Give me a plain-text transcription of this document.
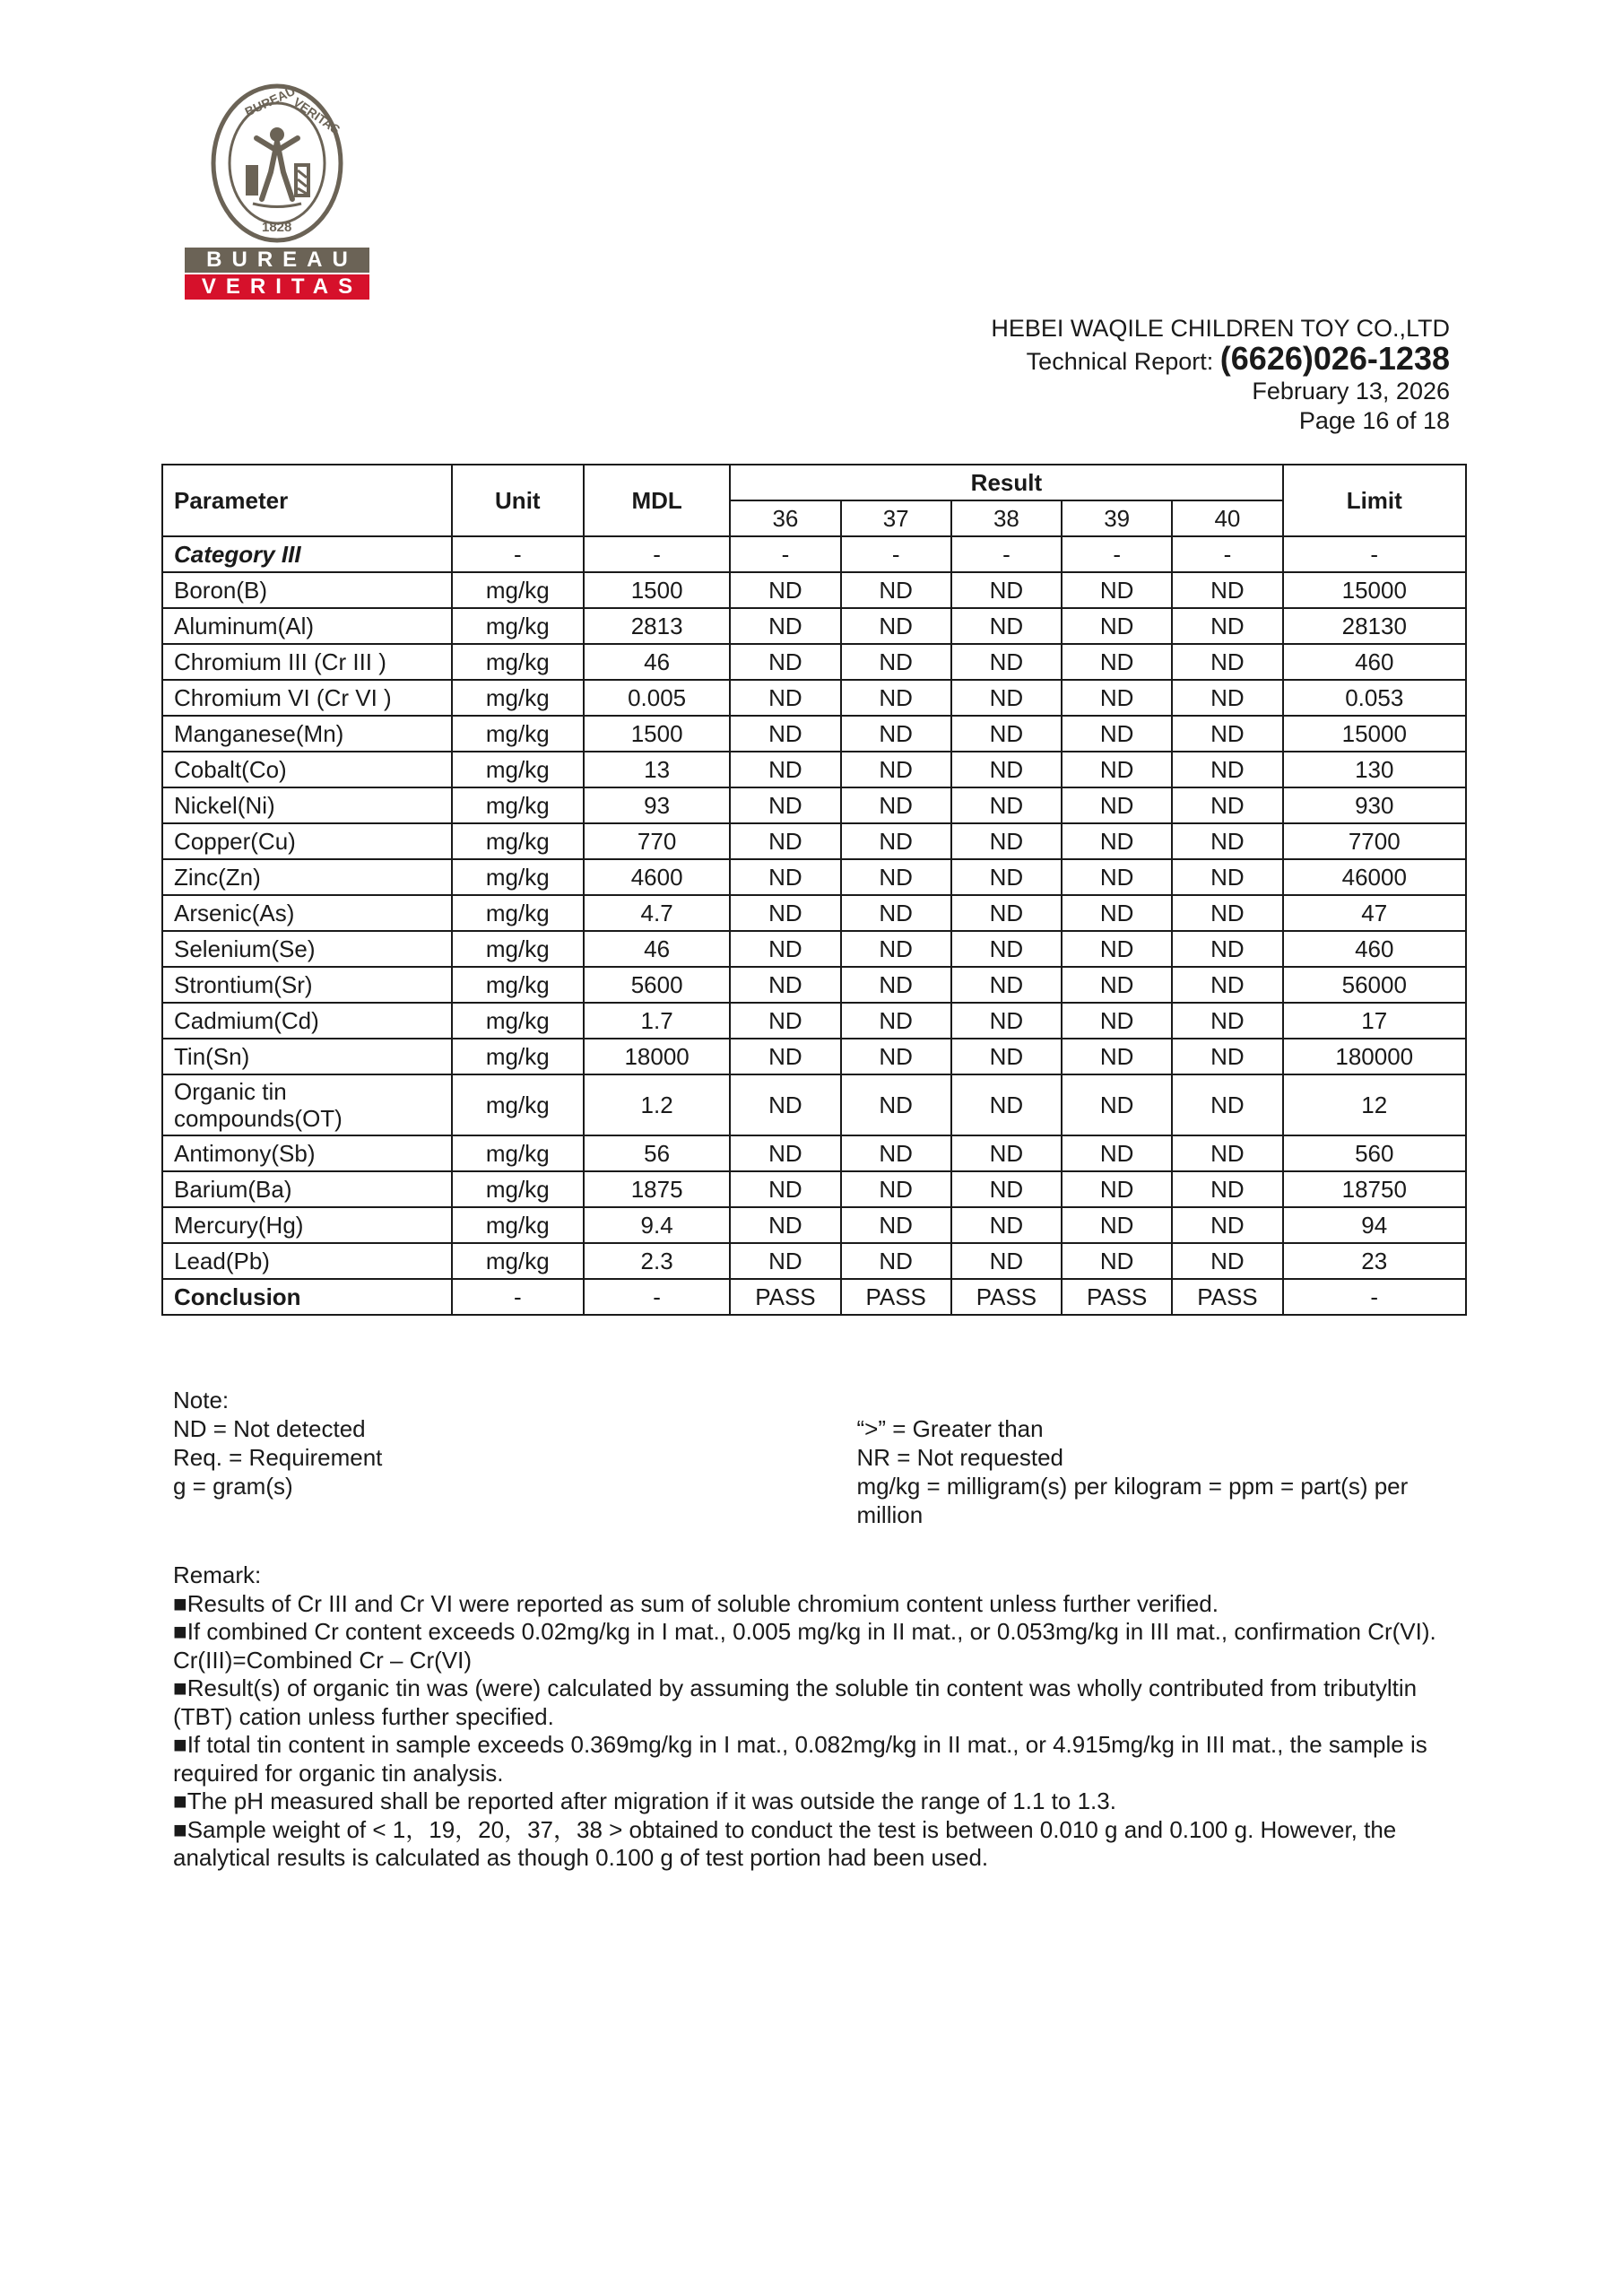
BUREAU
VERITAS
1828
BUREAU
VERITAS
HEBEI WAQILE CHILDREN TOY CO.,LTD
Technical Report: (6626)026-1238
February 13, 2026
Page 16 of 18
Parameter	Unit	MDL	Result					Limit
			36	37	38	39	40	
Category III	-	-	-	-	-	-	-	-
Boron(B)	mg/kg	1500	ND	ND	ND	ND	ND	15000
Aluminum(Al)	mg/kg	2813	ND	ND	ND	ND	ND	28130
Chromium III (Cr III )	mg/kg	46	ND	ND	ND	ND	ND	460
Chromium VI (Cr VI )	mg/kg	0.005	ND	ND	ND	ND	ND	0.053
Manganese(Mn)	mg/kg	1500	ND	ND	ND	ND	ND	15000
Cobalt(Co)	mg/kg	13	ND	ND	ND	ND	ND	130
Nickel(Ni)	mg/kg	93	ND	ND	ND	ND	ND	930
Copper(Cu)	mg/kg	770	ND	ND	ND	ND	ND	7700
Zinc(Zn)	mg/kg	4600	ND	ND	ND	ND	ND	46000
Arsenic(As)	mg/kg	4.7	ND	ND	ND	ND	ND	47
Selenium(Se)	mg/kg	46	ND	ND	ND	ND	ND	460
Strontium(Sr)	mg/kg	5600	ND	ND	ND	ND	ND	56000
Cadmium(Cd)	mg/kg	1.7	ND	ND	ND	ND	ND	17
Tin(Sn)	mg/kg	18000	ND	ND	ND	ND	ND	180000
Organic tin compounds(OT)	mg/kg	1.2	ND	ND	ND	ND	ND	12
Antimony(Sb)	mg/kg	56	ND	ND	ND	ND	ND	560
Barium(Ba)	mg/kg	1875	ND	ND	ND	ND	ND	18750
Mercury(Hg)	mg/kg	9.4	ND	ND	ND	ND	ND	94
Lead(Pb)	mg/kg	2.3	ND	ND	ND	ND	ND	23
Conclusion	-	-	PASS	PASS	PASS	PASS	PASS	-
Note:
ND = Not detected
Req. = Requirement
g = gram(s)
“>” = Greater than
NR = Not requested
mg/kg = milligram(s) per kilogram = ppm = part(s) per million
Remark:
■Results of Cr III and Cr VI were reported as sum of soluble chromium content unless further verified.
■If combined Cr content exceeds 0.02mg/kg in I mat., 0.005 mg/kg in II mat., or 0.053mg/kg in III mat., confirmation Cr(VI). Cr(III)=Combined Cr – Cr(VI)
■Result(s) of organic tin was (were) calculated by assuming the soluble tin content was wholly contributed from tributyltin (TBT) cation unless further specified.
■If total tin content in sample exceeds 0.369mg/kg in I mat., 0.082mg/kg in II mat., or 4.915mg/kg in III mat., the sample is required for organic tin analysis.
■The pH measured shall be reported after migration if it was outside the range of 1.1 to 1.3.
■Sample weight of < 1，19，20，37，38 > obtained to conduct the test is between 0.010 g and 0.100 g. However, the analytical results is calculated as though 0.100 g of test portion had been used.
